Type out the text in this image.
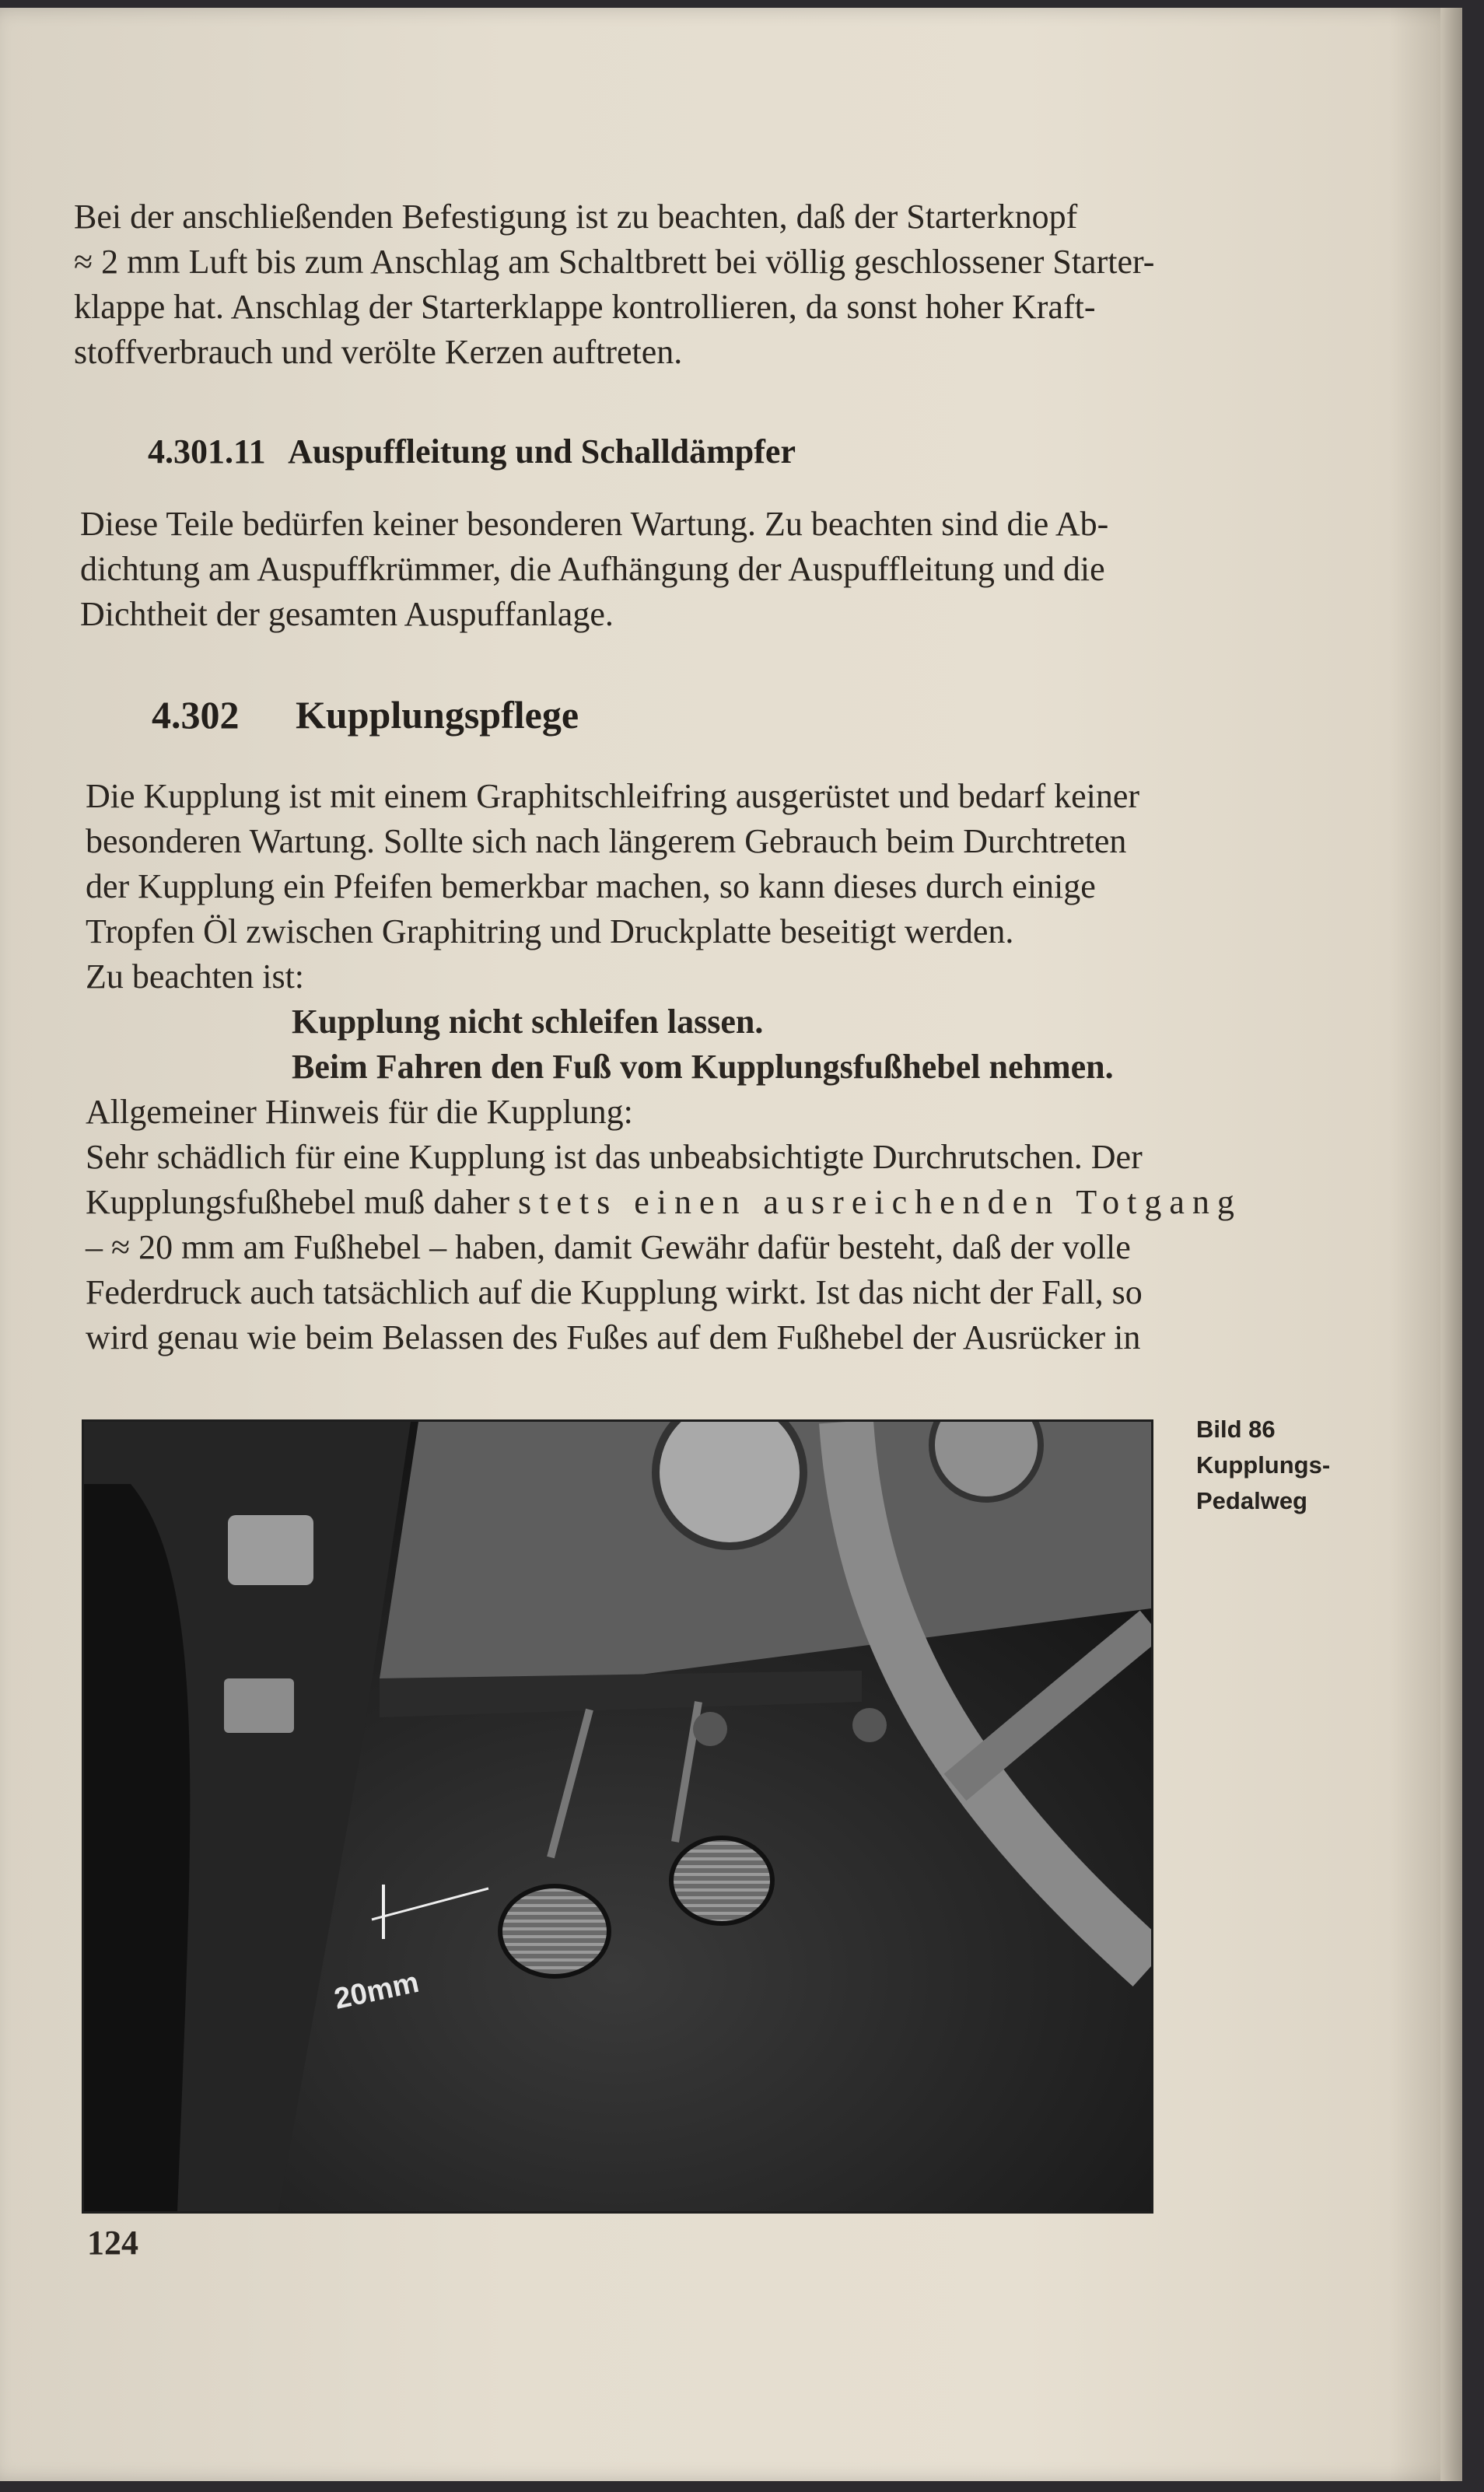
Bei der anschließenden Befestigung ist zu beachten, daß der Starterknopf

≈ 2 mm Luft bis zum Anschlag am Schaltbrett bei völlig geschlossener Starter-

klappe hat. Anschlag der Starterklappe kontrollieren, da sonst hoher Kraft-

stoffverbrauch und verölte Kerzen auftreten.

4.301.11 Auspuffleitung und Schalldämpfer

Diese Teile bedürfen keiner besonderen Wartung. Zu beachten sind die Ab-

dichtung am Auspuffkrümmer, die Aufhängung der Auspuffleitung und die

Dichtheit der gesamten Auspuffanlage.

4.302 Kupplungspflege

Die Kupplung ist mit einem Graphitschleifring ausgerüstet und bedarf keiner

besonderen Wartung. Sollte sich nach längerem Gebrauch beim Durchtreten

der Kupplung ein Pfeifen bemerkbar machen, so kann dieses durch einige

Tropfen Öl zwischen Graphitring und Druckplatte beseitigt werden.

Zu beachten ist:

Kupplung nicht schleifen lassen.

Beim Fahren den Fuß vom Kupplungsfußhebel nehmen.

Allgemeiner Hinweis für die Kupplung:

Sehr schädlich für eine Kupplung ist das unbeabsichtigte Durchrutschen. Der

Kupplungsfußhebel muß daher stets einen ausreichenden Totgang

– ≈ 20 mm am Fußhebel – haben, damit Gewähr dafür besteht, daß der volle

Federdruck auch tatsächlich auf die Kupplung wirkt. Ist das nicht der Fall, so

wird genau wie beim Belassen des Fußes auf dem Fußhebel der Ausrücker in

20mm
Bild 86
Kupplungs-
Pedalweg
124
